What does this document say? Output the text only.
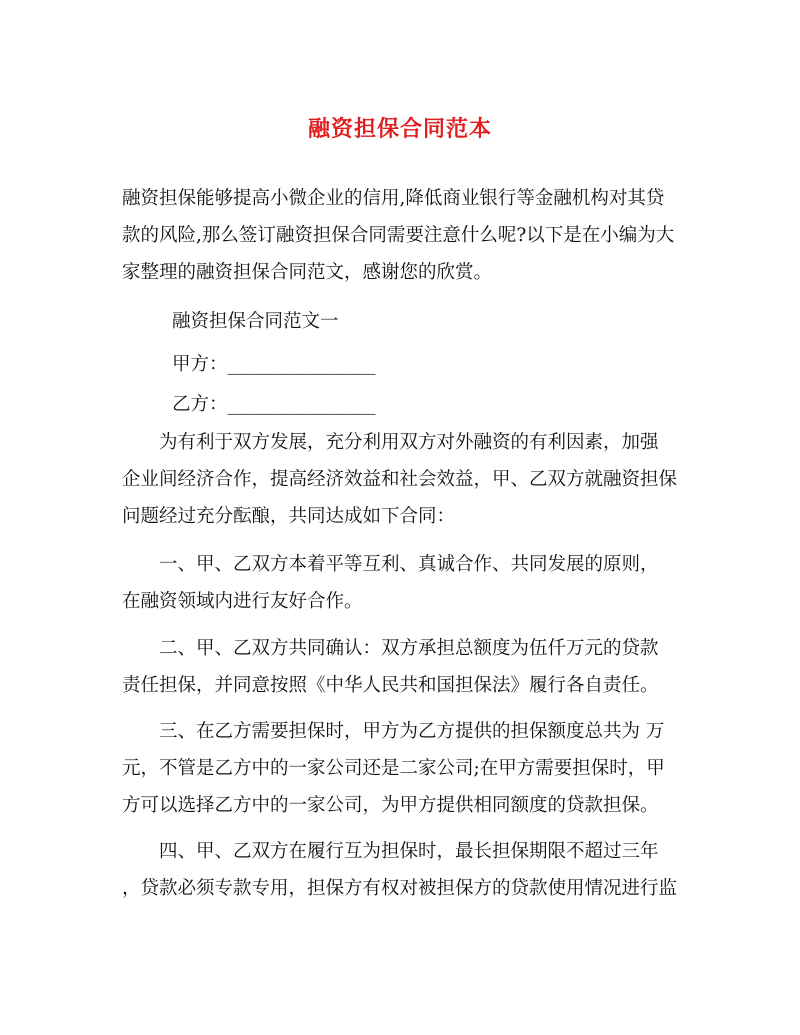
融资担保合同范本
融资担保能够提高小微企业的信用,降低商业银行等金融机构对其贷
款的风险,那么签订融资担保合同需要注意什么呢?以下是在小编为大
家整理的融资担保合同范文，感谢您的欣赏。
融资担保合同范文一
甲方：________________
乙方：________________
　　为有利于双方发展，充分利用双方对外融资的有利因素，加强
企业间经济合作，提高经济效益和社会效益，甲、乙双方就融资担保
问题经过充分酝酿，共同达成如下合同：
　　一、甲、乙双方本着平等互利、真诚合作、共同发展的原则，
在融资领域内进行友好合作。
　　二、甲、乙双方共同确认：双方承担总额度为伍仟万元的贷款
责任担保，并同意按照《中华人民共和国担保法》履行各自责任。
　　三、在乙方需要担保时，甲方为乙方提供的担保额度总共为 万
元，不管是乙方中的一家公司还是二家公司;在甲方需要担保时，甲
方可以选择乙方中的一家公司，为甲方提供相同额度的贷款担保。
　　四、甲、乙双方在履行互为担保时，最长担保期限不超过三年
，贷款必须专款专用，担保方有权对被担保方的贷款使用情况进行监
